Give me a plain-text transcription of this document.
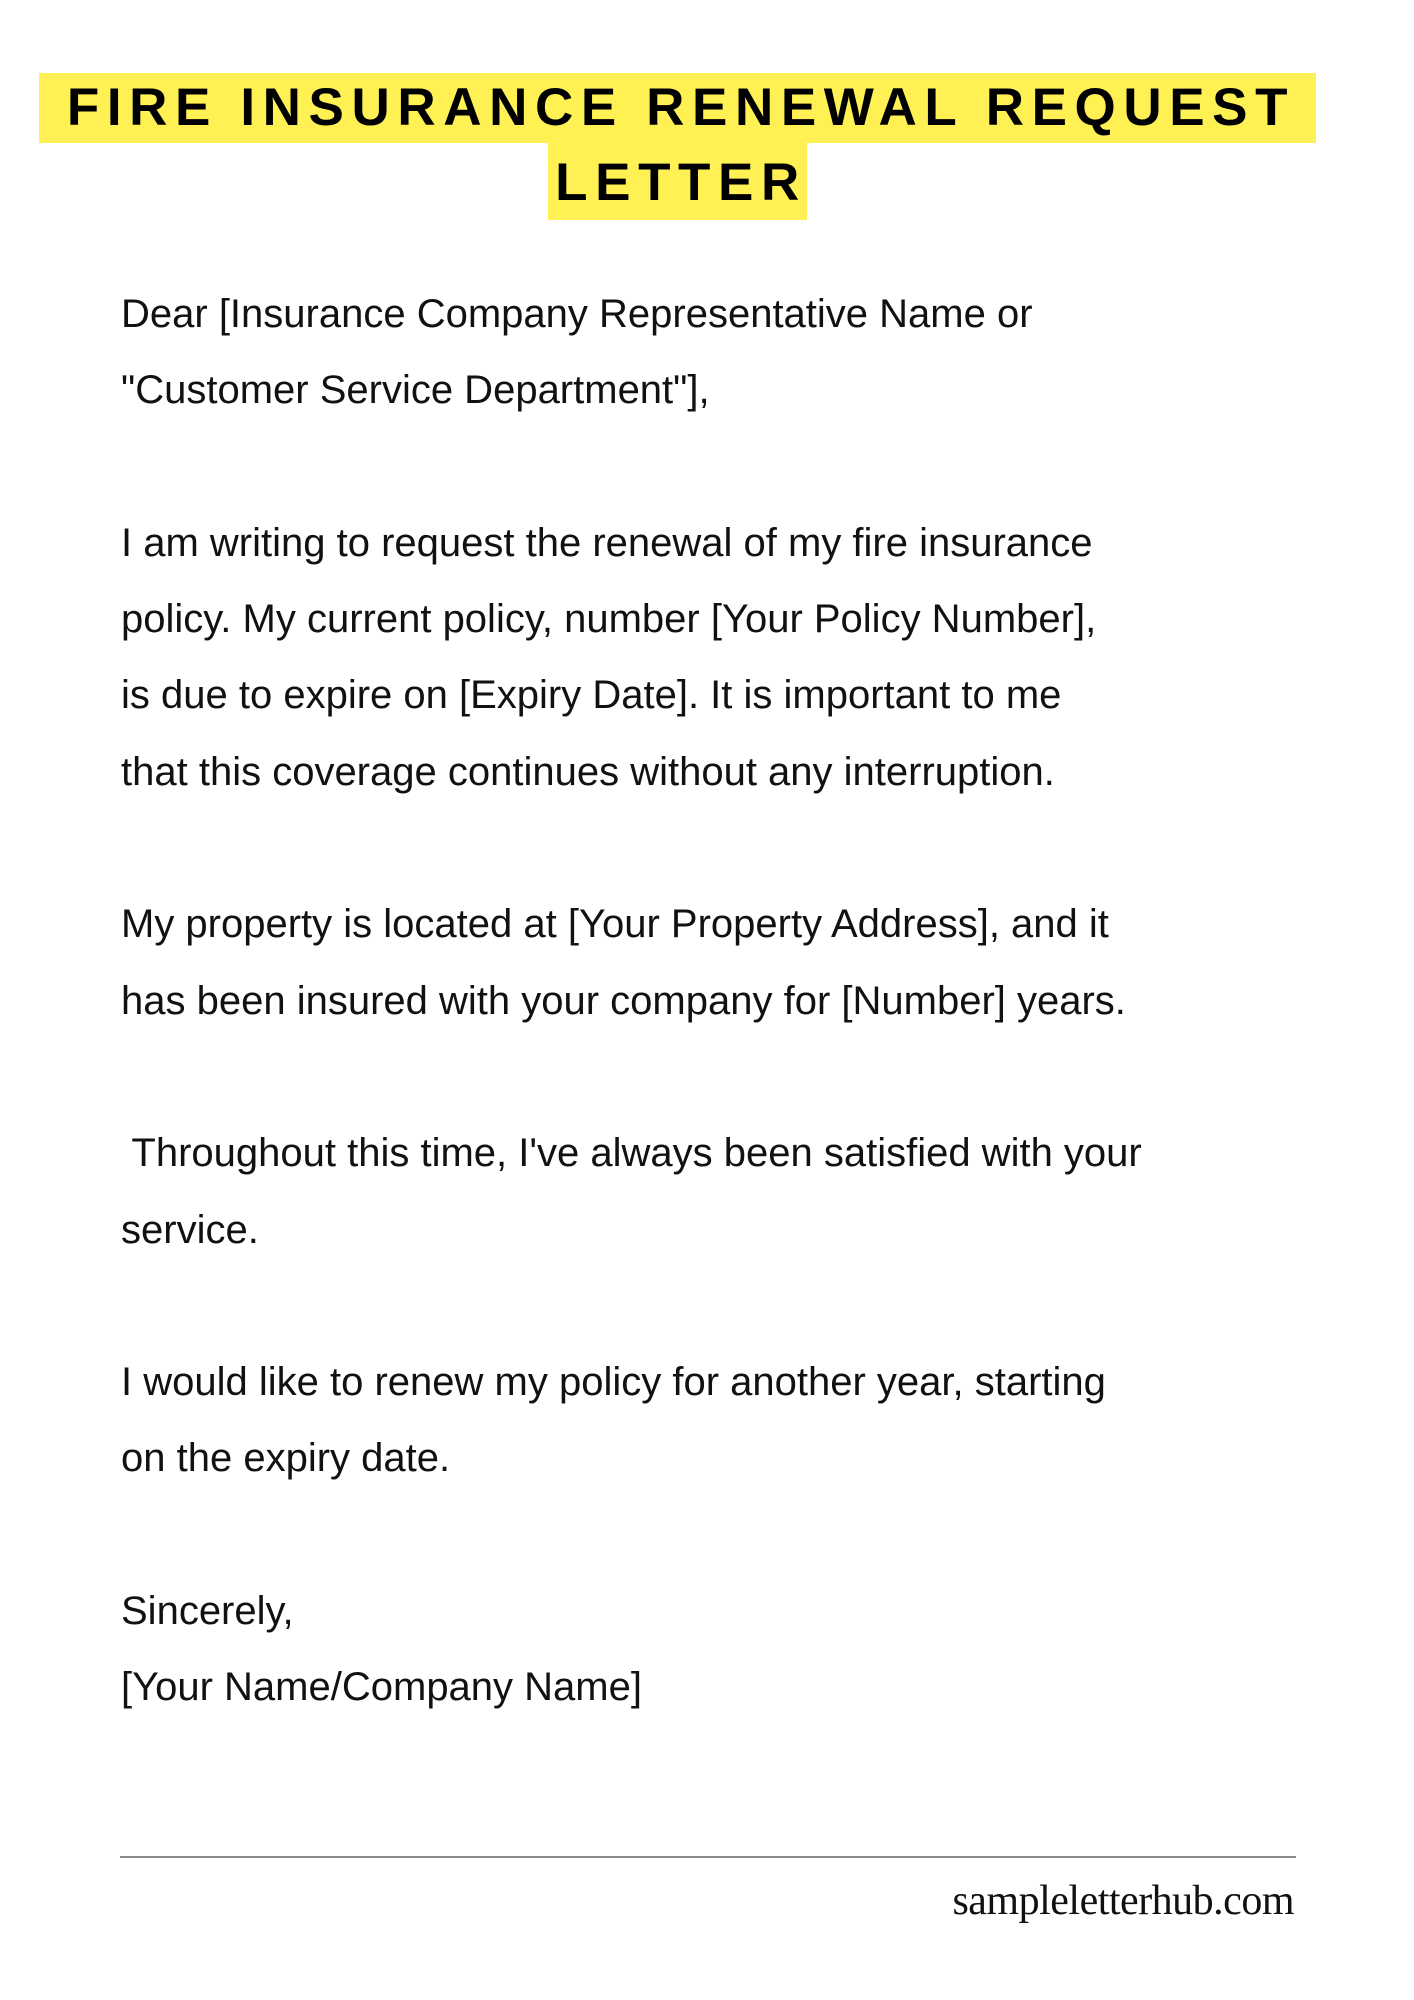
FIRE INSURANCE RENEWAL REQUEST
LETTER
Dear [Insurance Company Representative Name or
"Customer Service Department"],
I am writing to request the renewal of my fire insurance
policy. My current policy, number [Your Policy Number],
is due to expire on [Expiry Date]. It is important to me
that this coverage continues without any interruption.
My property is located at [Your Property Address], and it
has been insured with your company for [Number] years.
Throughout this time, I've always been satisfied with your
service.
I would like to renew my policy for another year, starting
on the expiry date.
Sincerely,
[Your Name/Company Name]
sampleletterhub.com
